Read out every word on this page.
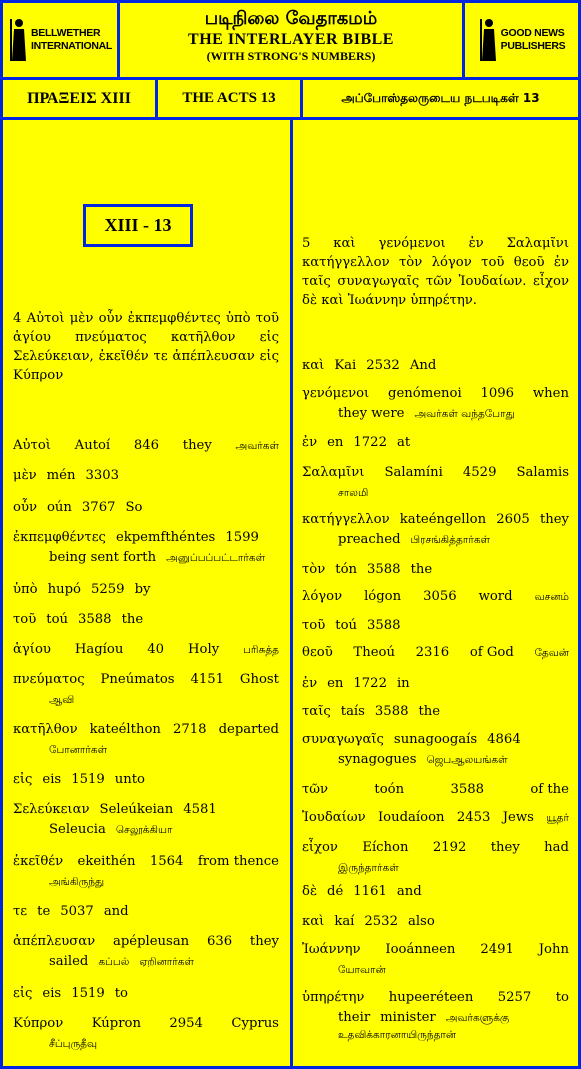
BELLWETHER
INTERNATIONAL
படிநிலை வேதாகமம்
THE INTERLAYER BIBLE
(WITH STRONG'S NUMBERS)
GOOD NEWS
PUBLISHERS
ΠΡΑΞΕΙΣ XIII	THE ACTS 13	அப்போஸ்தலருடைய நடபடிகள் 13
XIII - 13
4 Αὐτοὶ μὲν οὖν ἐκπεμφθέντες ὑπὸ τοῦ ἁγίου πνεύματος κατῆλθον εἰς Σελεύκειαν, ἐκεῖθέν τε ἀπέπλευσαν εἰς Κύπρον
Αὐτοὶ Autoí 846 they அவர்கள்
μὲν mén 3303
οὖν oún 3767 So
ἐκπεμφθέντες ekpemfthéntes 1599
being sent forth அனுப்பப்பட்டார்கள்
ὑπὸ hupó 5259 by
τοῦ toú 3588 the
ἁγίου Hagíou 40 Holy பரிசுத்த
πνεύματος Pneúmatos 4151 Ghost
ஆவி
κατῆλθον kateélthon 2718 departed
போனார்கள்
εἰς eis 1519 unto
Σελεύκειαν Seleúkeian 4581
Seleucia செலூக்கியா
ἐκεῖθέν ekeithén 1564 from thence
அங்கிருந்து
τε te 5037 and
ἀπέπλευσαν apépleusan 636 they
sailed கப்பல் ஏறினார்கள்
εἰς eis 1519 to
Κύπρον Kúpron 2954 Cyprus
சீப்புருதீவு
5 καὶ γενόμενοι ἐν Σαλαμῖνι κατήγγελλον τὸν λόγον τοῦ θεοῦ ἐν ταῖς συναγωγαῖς τῶν Ἰουδαίων. εἶχον δὲ καὶ Ἰωάννην ὑπηρέτην.
καὶ Kai 2532 And
γενόμενοι genómenoi 1096 when
they were அவர்கள் வந்தபோது
ἐν en 1722 at
Σαλαμῖνι Salamíni 4529 Salamis
சாலமி
κατήγγελλον kateéngellon 2605 they
preached பிரசங்கித்தார்கள்
τὸν tón 3588 the
λόγον lógon 3056 word வசனம்
τοῦ toú 3588
θεοῦ Theoú 2316 of God தேவன்
ἐν en 1722 in
ταῖς taís 3588 the
συναγωγαῖς sunagoogaís 4864
synagogues ஜெபஆலயங்கள்
τῶν	toón	3588	of the
Ἰουδαίων Ioudaíoon 2453 Jews யூதர்
εἶχον Eíchon 2192 they had
இருந்தார்கள்
δὲ dé 1161 and
καὶ kaí 2532 also
Ἰωάννην Iooánneen 2491 John
யோவான்
ὑπηρέτην hupeeréteen 5257 to
their minister அவர்களுக்கு
உதவிக்காரனாயிருந்தான்
